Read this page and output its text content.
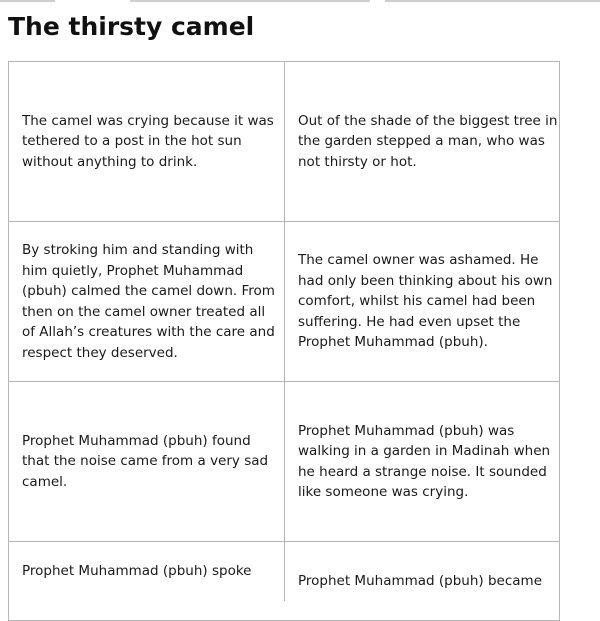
The thirsty camel

The camel was crying because it was tethered to a post in the hot sun without anything to drink.

Out of the shade of the biggest tree in the garden stepped a man, who was not thirsty or hot.

By stroking him and standing with him quietly, Prophet Muhammad (pbuh) calmed the camel down. From then on the camel owner treated all of Allah’s creatures with the care and respect they deserved.

The camel owner was ashamed. He had only been thinking about his own comfort, whilst his camel had been suffering. He had even upset the Prophet Muhammad (pbuh).

Prophet Muhammad (pbuh) found that the noise came from a very sad camel.

Prophet Muhammad (pbuh) was walking in a garden in Madinah when he heard a strange noise. It sounded like someone was crying.

Prophet Muhammad (pbuh) spoke

Prophet Muhammad (pbuh) became
